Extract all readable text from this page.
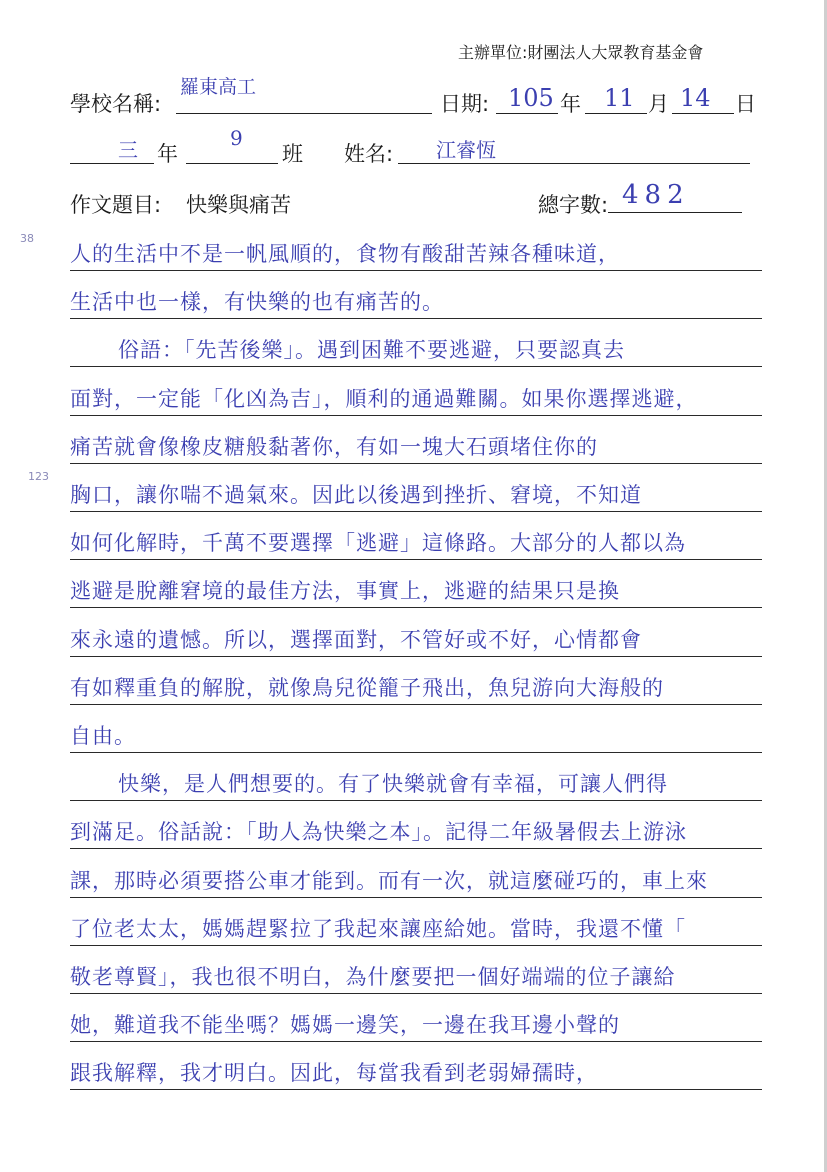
主辦單位:財團法人大眾教育基金會
學校名稱:
羅東高工
日期: 105 年 11 月 14 日
三 年
9
班 姓名: 江睿恆
作文題目: 快樂與痛苦	總字數: 482
38
123
人的生活中不是一帆風順的，食物有酸甜苦辣各種味道，
生活中也一樣，有快樂的也有痛苦的。
俗語：「先苦後樂」。遇到困難不要逃避，只要認真去
面對，一定能「化凶為吉」，順利的通過難關。如果你選擇逃避，
痛苦就會像橡皮糖般黏著你，有如一塊大石頭堵住你的
胸口，讓你喘不過氣來。因此以後遇到挫折、窘境，不知道
如何化解時，千萬不要選擇「逃避」這條路。大部分的人都以為
逃避是脫離窘境的最佳方法，事實上，逃避的結果只是換
來永遠的遺憾。所以，選擇面對，不管好或不好，心情都會
有如釋重負的解脫，就像鳥兒從籠子飛出，魚兒游向大海般的
自由。
快樂，是人們想要的。有了快樂就會有幸福，可讓人們得
到滿足。俗話說：「助人為快樂之本」。記得二年級暑假去上游泳
課，那時必須要搭公車才能到。而有一次，就這麼碰巧的，車上來
了位老太太，媽媽趕緊拉了我起來讓座給她。當時，我還不懂「
敬老尊賢」，我也很不明白，為什麼要把一個好端端的位子讓給
她，難道我不能坐嗎？媽媽一邊笑，一邊在我耳邊小聲的
跟我解釋，我才明白。因此，每當我看到老弱婦孺時，
